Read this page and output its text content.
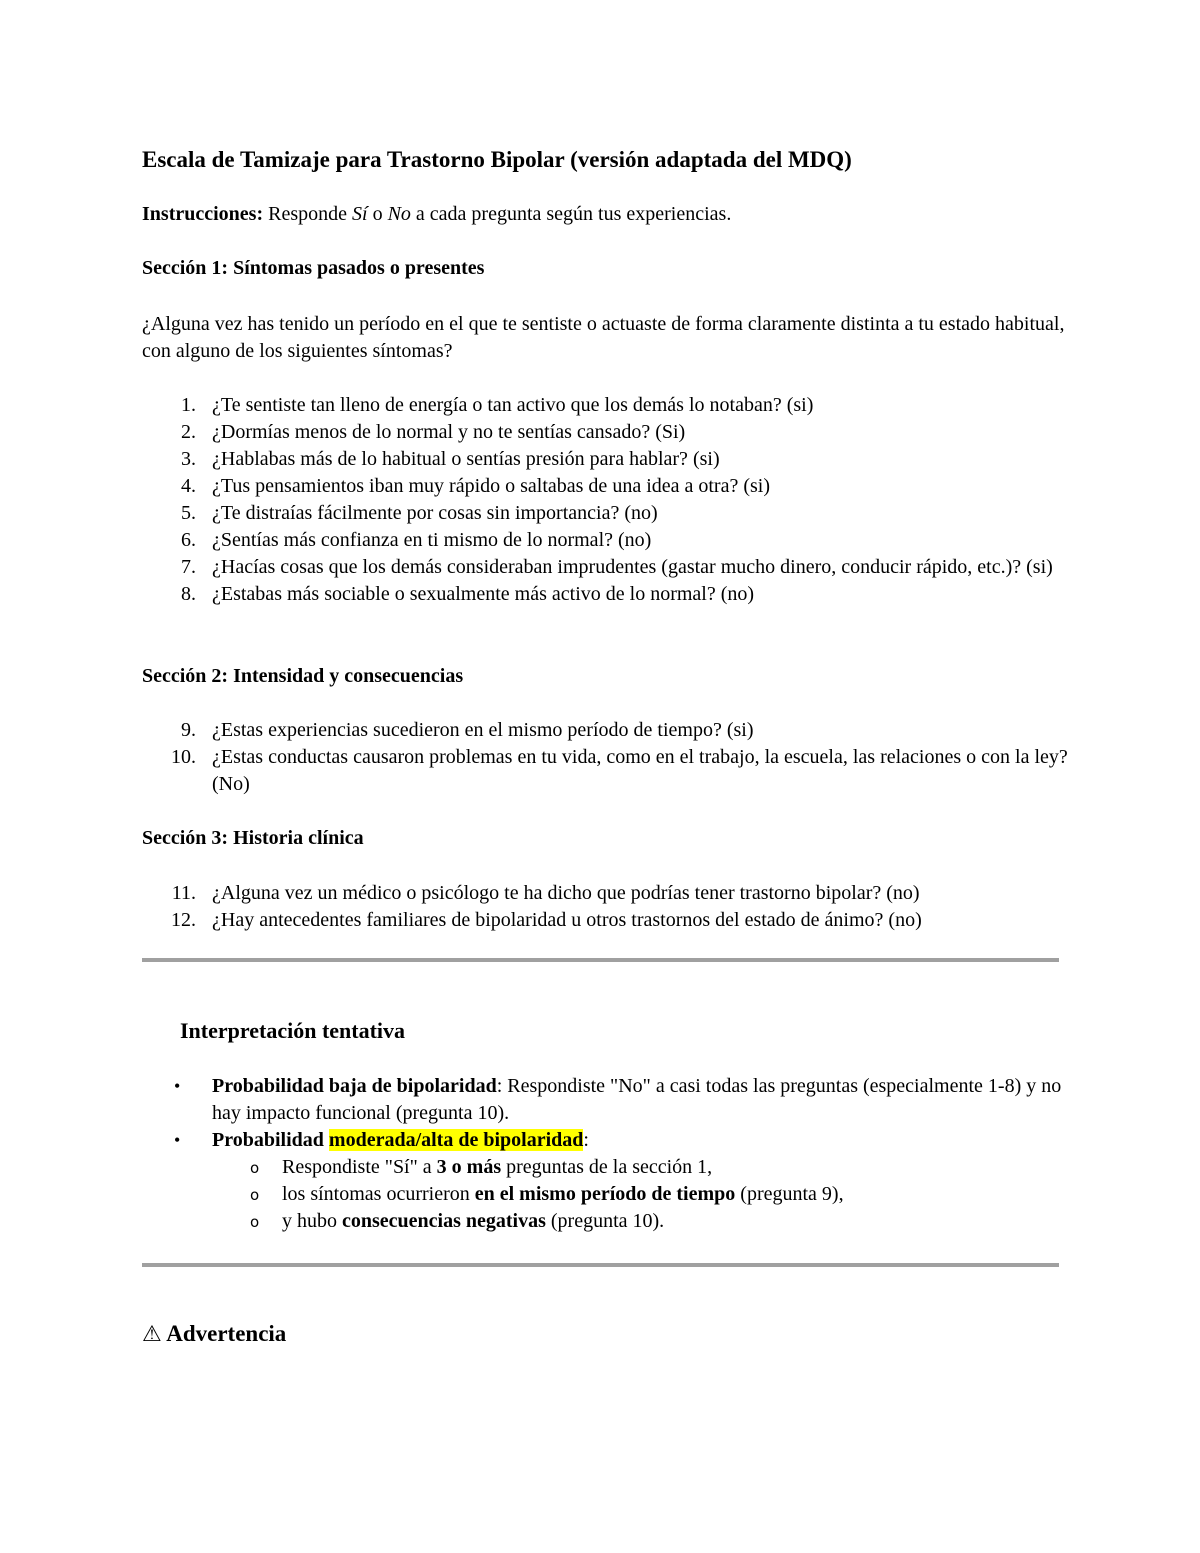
Escala de Tamizaje para Trastorno Bipolar (versión adaptada del MDQ)

Instrucciones: Responde Sí o No a cada pregunta según tus experiencias.

Sección 1: Síntomas pasados o presentes

¿Alguna vez has tenido un período en el que te sentiste o actuaste de forma claramente distinta a tu estado habitual, con alguno de los siguientes síntomas?

1. ¿Te sentiste tan lleno de energía o tan activo que los demás lo notaban? (si)
2. ¿Dormías menos de lo normal y no te sentías cansado? (Si)
3. ¿Hablabas más de lo habitual o sentías presión para hablar? (si)
4. ¿Tus pensamientos iban muy rápido o saltabas de una idea a otra? (si)
5. ¿Te distraías fácilmente por cosas sin importancia? (no)
6. ¿Sentías más confianza en ti mismo de lo normal? (no)
7. ¿Hacías cosas que los demás consideraban imprudentes (gastar mucho dinero, conducir rápido, etc.)? (si)
8. ¿Estabas más sociable o sexualmente más activo de lo normal? (no)
Sección 2: Intensidad y consecuencias
9. ¿Estas experiencias sucedieron en el mismo período de tiempo? (si)
10. ¿Estas conductas causaron problemas en tu vida, como en el trabajo, la escuela, las relaciones o con la ley? (No)
Sección 3: Historia clínica
11. ¿Alguna vez un médico o psicólogo te ha dicho que podrías tener trastorno bipolar? (no)
12. ¿Hay antecedentes familiares de bipolaridad u otros trastornos del estado de ánimo? (no)
Interpretación tentativa
• Probabilidad baja de bipolaridad: Respondiste "No" a casi todas las preguntas (especialmente 1-8) y no hay impacto funcional (pregunta 10).
• Probabilidad moderada/alta de bipolaridad:
o Respondiste "Sí" a 3 o más preguntas de la sección 1,
o los síntomas ocurrieron en el mismo período de tiempo (pregunta 9),
o y hubo consecuencias negativas (pregunta 10).
⚠ Advertencia
